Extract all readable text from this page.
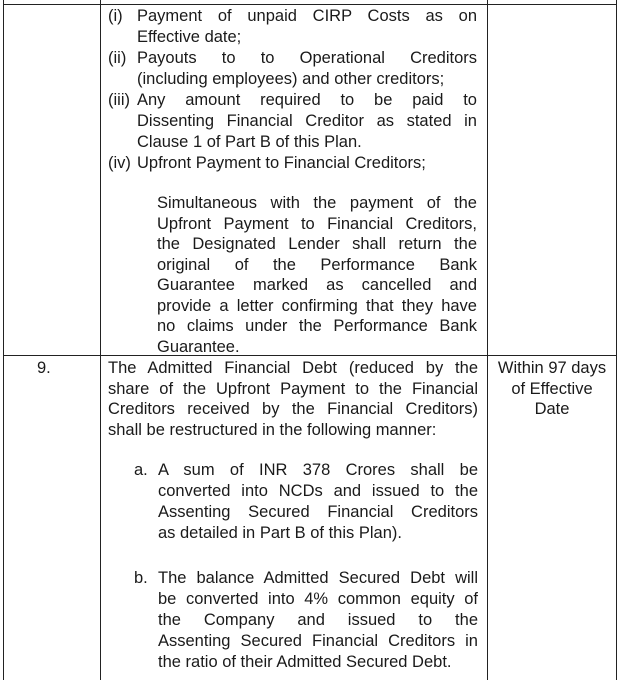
(i) Payment of unpaid CIRP Costs as on

Effective date;

(ii) Payouts to to Operational Creditors

(including employees) and other creditors;

(iii) Any amount required to be paid to

Dissenting Financial Creditor as stated in

Clause 1 of Part B of this Plan.

(iv) Upfront Payment to Financial Creditors;

Simultaneous with the payment of the

Upfront Payment to Financial Creditors,

the Designated Lender shall return the

original of the Performance Bank

Guarantee marked as cancelled and

provide a letter confirming that they have

no claims under the Performance Bank

Guarantee.

9.	The Admitted Financial Debt (reduced by the

share of the Upfront Payment to the Financial

Creditors received by the Financial Creditors)

shall be restructured in the following manner:

a. A sum of INR 378 Crores shall be

converted into NCDs and issued to the

Assenting Secured Financial Creditors

as detailed in Part B of this Plan).

b. The balance Admitted Secured Debt will

be converted into 4% common equity of

the Company and issued to the

Assenting Secured Financial Creditors in

the ratio of their Admitted Secured Debt.

Within 97 days

of Effective

Date
